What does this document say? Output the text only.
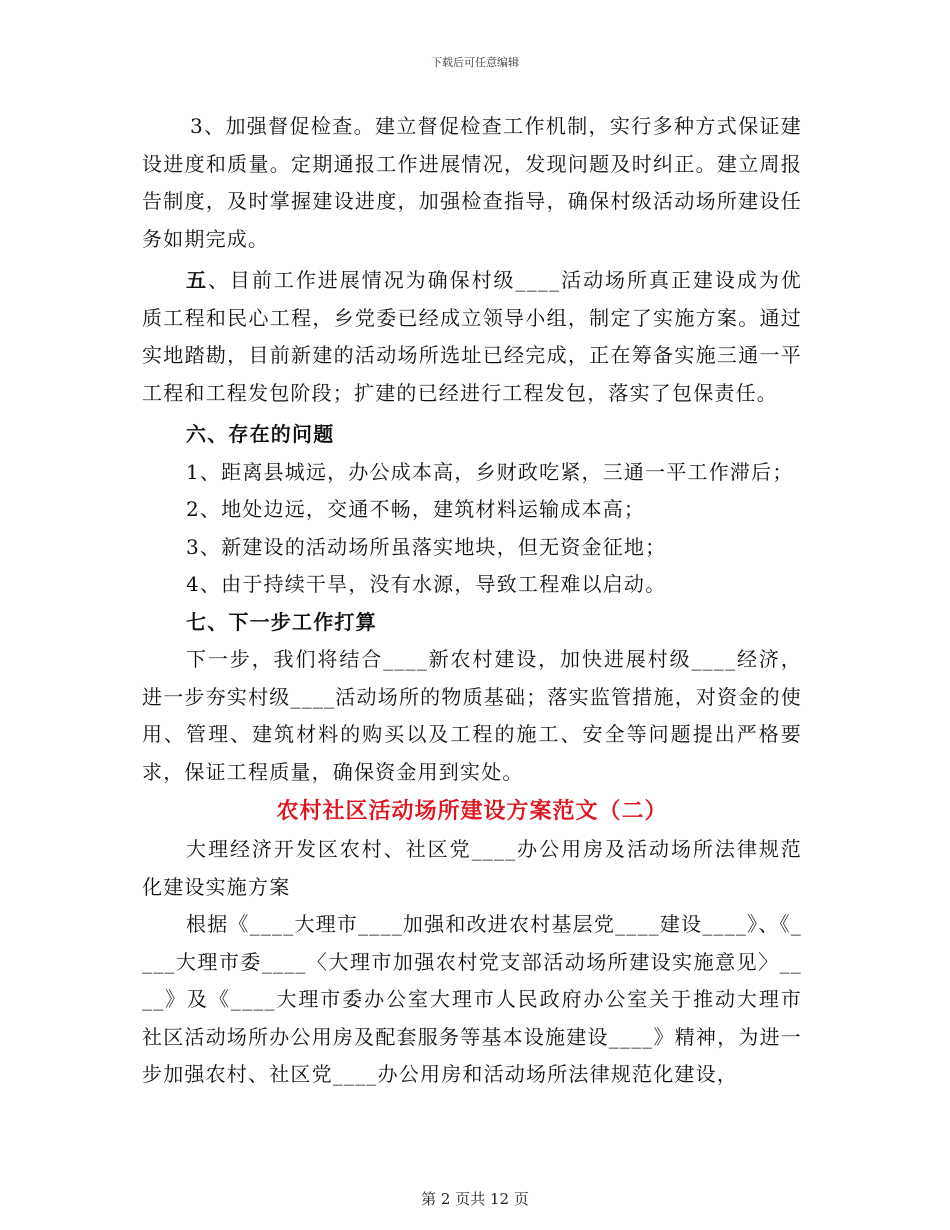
下载后可任意编辑

3、加强督促检查。建立督促检查工作机制，实行多种方式保证建设进度和质量。定期通报工作进展情况，发现问题及时纠正。建立周报告制度，及时掌握建设进度，加强检查指导，确保村级活动场所建设任务如期完成。

五、目前工作进展情况为确保村级____活动场所真正建设成为优质工程和民心工程，乡党委已经成立领导小组，制定了实施方案。通过实地踏勘，目前新建的活动场所选址已经完成，正在筹备实施三通一平工程和工程发包阶段；扩建的已经进行工程发包，落实了包保责任。

六、存在的问题

1、距离县城远，办公成本高，乡财政吃紧，三通一平工作滞后；

2、地处边远，交通不畅，建筑材料运输成本高；

3、新建设的活动场所虽落实地块，但无资金征地；

4、由于持续干旱，没有水源，导致工程难以启动。

七、下一步工作打算

下一步，我们将结合____新农村建设，加快进展村级____经济，进一步夯实村级____活动场所的物质基础；落实监管措施，对资金的使用、管理、建筑材料的购买以及工程的施工、安全等问题提出严格要求，保证工程质量，确保资金用到实处。

农村社区活动场所建设方案范文（二）

大理经济开发区农村、社区党____办公用房及活动场所法律规范化建设实施方案

根据《____大理市____加强和改进农村基层党____建设____》、《____大理市委____〈大理市加强农村党支部活动场所建设实施意见〉____》及《____大理市委办公室大理市人民政府办公室关于推动大理市社区活动场所办公用房及配套服务等基本设施建设____》精神，为进一步加强农村、社区党____办公用房和活动场所法律规范化建设，

第 2 页共 12 页
